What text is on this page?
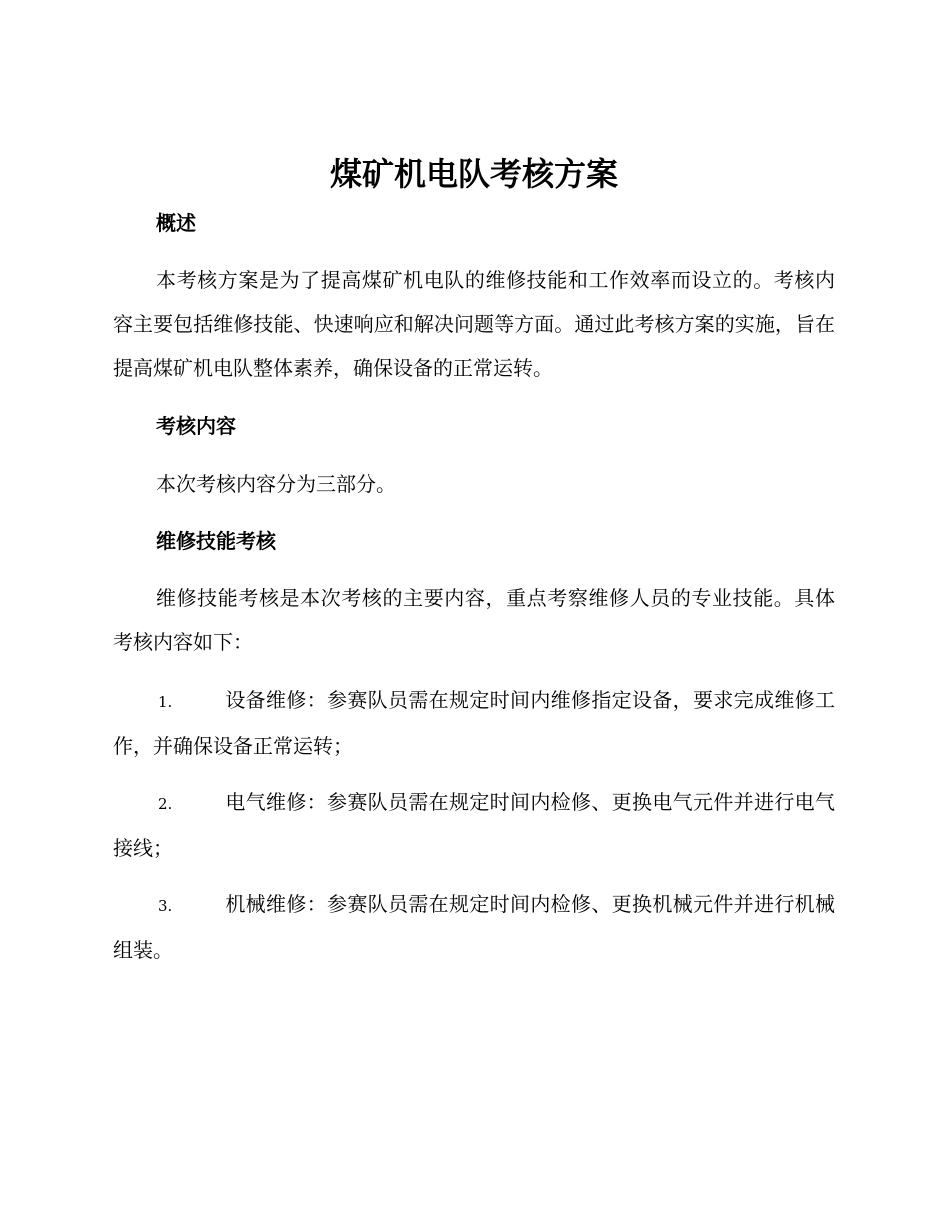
煤矿机电队考核方案
概述

本考核方案是为了提高煤矿机电队的维修技能和工作效率而设立的。考核内容主要包括维修技能、快速响应和解决问题等方面。通过此考核方案的实施，旨在提高煤矿机电队整体素养，确保设备的正常运转。

考核内容

本次考核内容分为三部分。

维修技能考核

维修技能考核是本次考核的主要内容，重点考察维修人员的专业技能。具体考核内容如下：

1.	设备维修：参赛队员需在规定时间内维修指定设备，要求完成维修工作，并确保设备正常运转；

2.	电气维修：参赛队员需在规定时间内检修、更换电气元件并进行电气接线；

3.	机械维修：参赛队员需在规定时间内检修、更换机械元件并进行机械组装。
